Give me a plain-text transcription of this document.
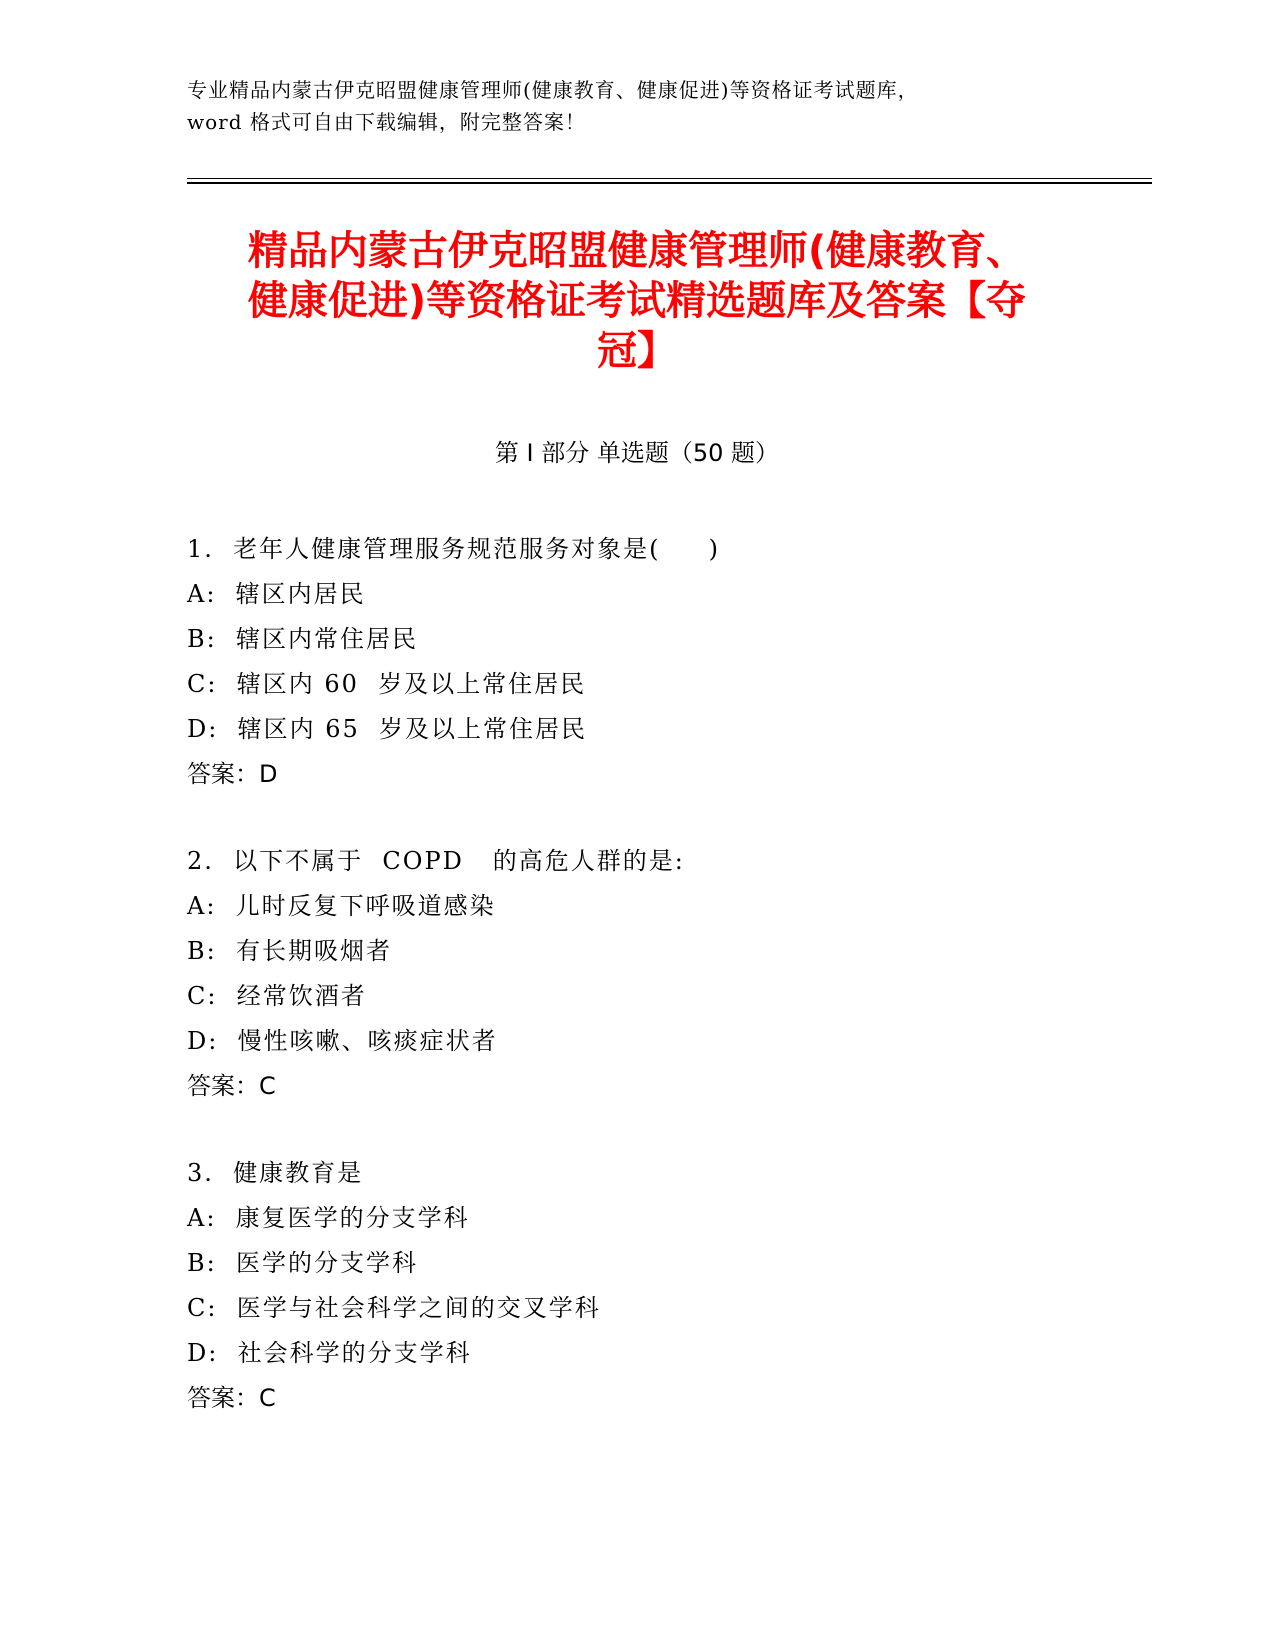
专业精品内蒙古伊克昭盟健康管理师(健康教育、健康促进)等资格证考试题库，
word 格式可自由下载编辑，附完整答案！
精品内蒙古伊克昭盟健康管理师(健康教育、
健康促进)等资格证考试精选题库及答案【夺
冠】
第 I 部分 单选题（50 题）
1.  老年人健康管理服务规范服务对象是(     )
A:  辖区内居民
B:  辖区内常住居民
C:  辖区内 60  岁及以上常住居民
D:  辖区内 65  岁及以上常住居民
答案：D
2.  以下不属于  COPD   的高危人群的是:
A:  儿时反复下呼吸道感染
B:  有长期吸烟者
C:  经常饮酒者
D:  慢性咳嗽、咳痰症状者
答案：C
3.  健康教育是
A:  康复医学的分支学科
B:  医学的分支学科
C:  医学与社会科学之间的交叉学科
D:  社会科学的分支学科
答案：C
